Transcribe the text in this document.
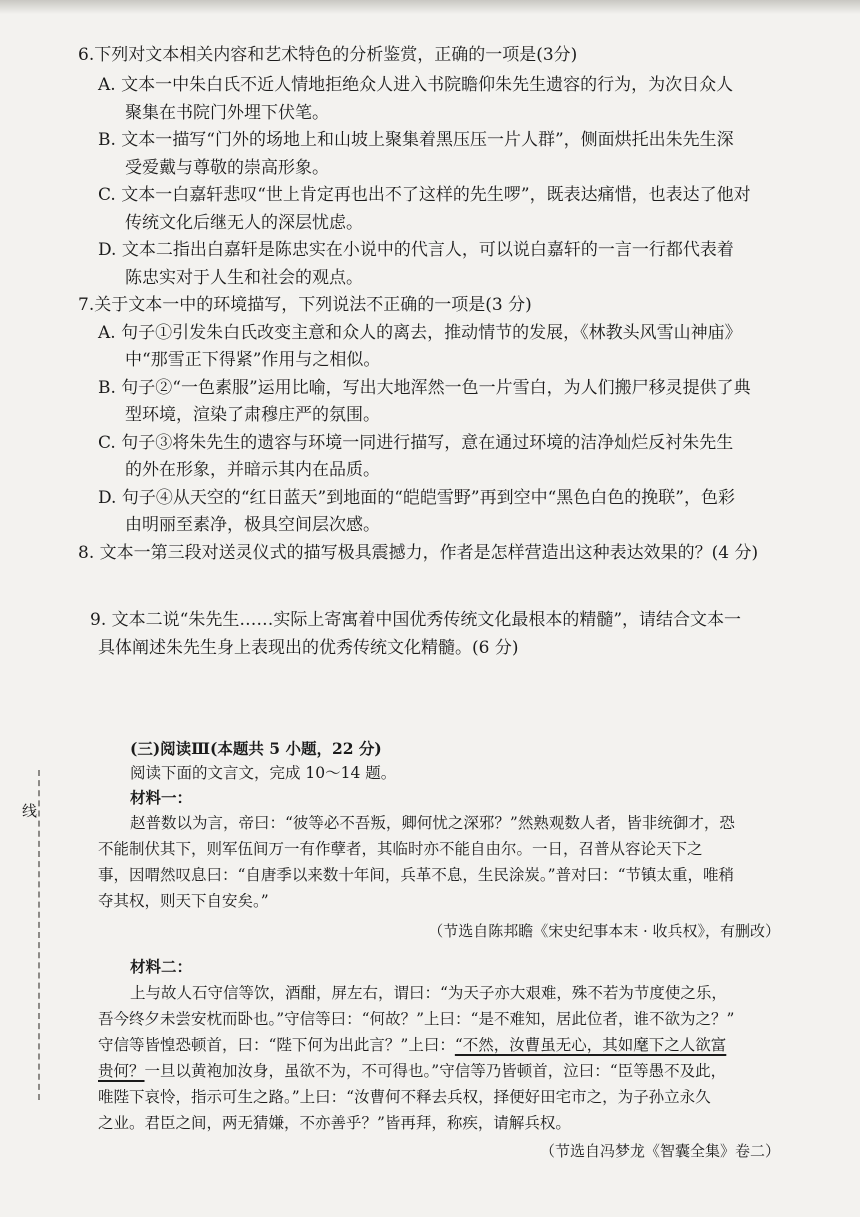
线
6.下列对文本相关内容和艺术特色的分析鉴赏，正确的一项是(3分)
A. 文本一中朱白氏不近人情地拒绝众人进入书院瞻仰朱先生遗容的行为，为次日众人
聚集在书院门外埋下伏笔。
B. 文本一描写“门外的场地上和山坡上聚集着黑压压一片人群”，侧面烘托出朱先生深
受爱戴与尊敬的崇高形象。
C. 文本一白嘉轩悲叹“世上肯定再也出不了这样的先生啰”，既表达痛惜，也表达了他对
传统文化后继无人的深层忧虑。
D. 文本二指出白嘉轩是陈忠实在小说中的代言人，可以说白嘉轩的一言一行都代表着
陈忠实对于人生和社会的观点。
7.关于文本一中的环境描写，下列说法不正确的一项是(3 分)
A. 句子①引发朱白氏改变主意和众人的离去，推动情节的发展，《林教头风雪山神庙》
中“那雪正下得紧”作用与之相似。
B. 句子②“一色素服”运用比喻，写出大地浑然一色一片雪白，为人们搬尸移灵提供了典
型环境，渲染了肃穆庄严的氛围。
C. 句子③将朱先生的遗容与环境一同进行描写，意在通过环境的洁净灿烂反衬朱先生
的外在形象，并暗示其内在品质。
D. 句子④从天空的“红日蓝天”到地面的“皑皑雪野”再到空中“黑色白色的挽联”，色彩
由明丽至素净，极具空间层次感。
8. 文本一第三段对送灵仪式的描写极具震撼力，作者是怎样营造出这种表达效果的？(4 分)
9. 文本二说“朱先生……实际上寄寓着中国优秀传统文化最根本的精髓”，请结合文本一
具体阐述朱先生身上表现出的优秀传统文化精髓。(6 分)
(三)阅读Ⅲ(本题共 5 小题，22 分)
阅读下面的文言文，完成 10～14 题。
材料一：
赵普数以为言，帝曰：“彼等必不吾叛，卿何忧之深邪？”然熟观数人者，皆非统御才，恐
不能制伏其下，则军伍间万一有作孽者，其临时亦不能自由尔。一日，召普从容论天下之
事，因喟然叹息曰：“自唐季以来数十年间，兵革不息，生民涂炭。”普对曰：“节镇太重，唯稍
夺其权，则天下自安矣。”
（节选自陈邦瞻《宋史纪事本末 · 收兵权》，有删改）
材料二：
上与故人石守信等饮，酒酣，屏左右，谓曰：“为天子亦大艰难，殊不若为节度使之乐，
吾今终夕未尝安枕而卧也。”守信等曰：“何故？”上曰：“是不难知，居此位者，谁不欲为之？”
守信等皆惶恐顿首，曰：“陛下何为出此言？”上曰：“不然，汝曹虽无心，其如麾下之人欲富
贵何？一旦以黄袍加汝身，虽欲不为，不可得也。”守信等乃皆顿首，泣曰：“臣等愚不及此，
唯陛下哀怜，指示可生之路。”上曰：“汝曹何不释去兵权，择便好田宅市之，为子孙立永久
之业。君臣之间，两无猜嫌，不亦善乎？”皆再拜，称疾，请解兵权。
（节选自冯梦龙《智囊全集》卷二）
